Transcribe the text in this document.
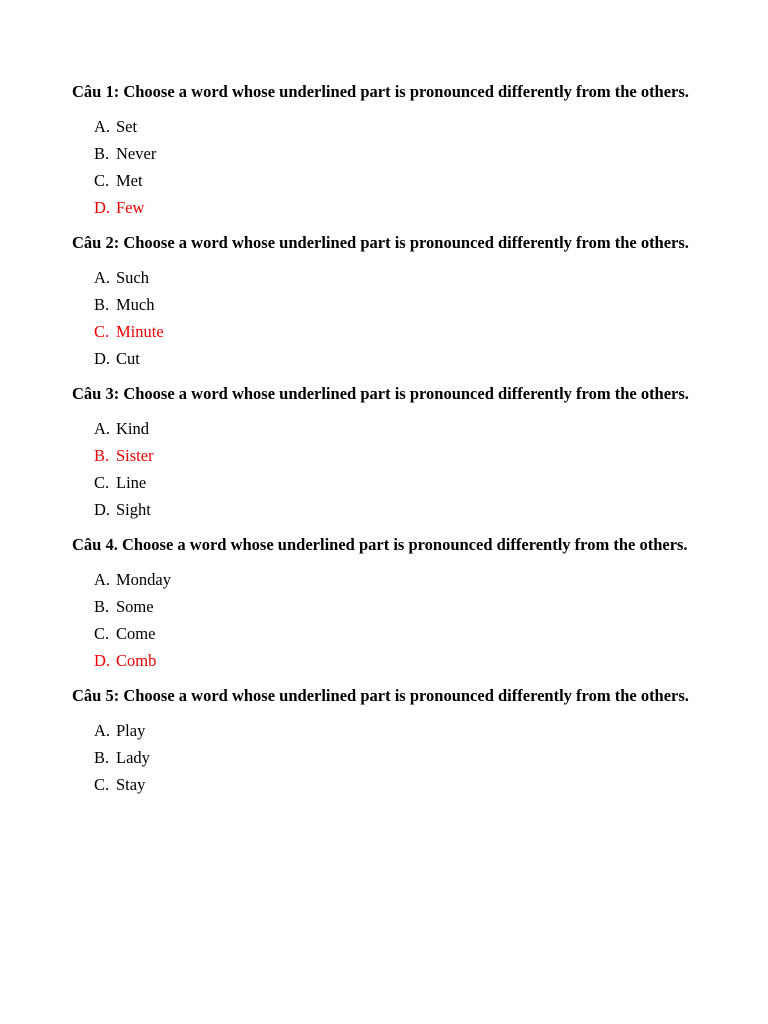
Câu 1: Choose a word whose underlined part is pronounced differently from the others.

A. Set
B. Never
C. Met
D. Few

Câu 2: Choose a word whose underlined part is pronounced differently from the others.

A. Such
B. Much
C. Minute
D. Cut

Câu 3: Choose a word whose underlined part is pronounced differently from the others.

A. Kind
B. Sister
C. Line
D. Sight

Câu 4. Choose a word whose underlined part is pronounced differently from the others.

A. Monday
B. Some
C. Come
D. Comb

Câu 5: Choose a word whose underlined part is pronounced differently from the others.

A. Play
B. Lady
C. Stay
